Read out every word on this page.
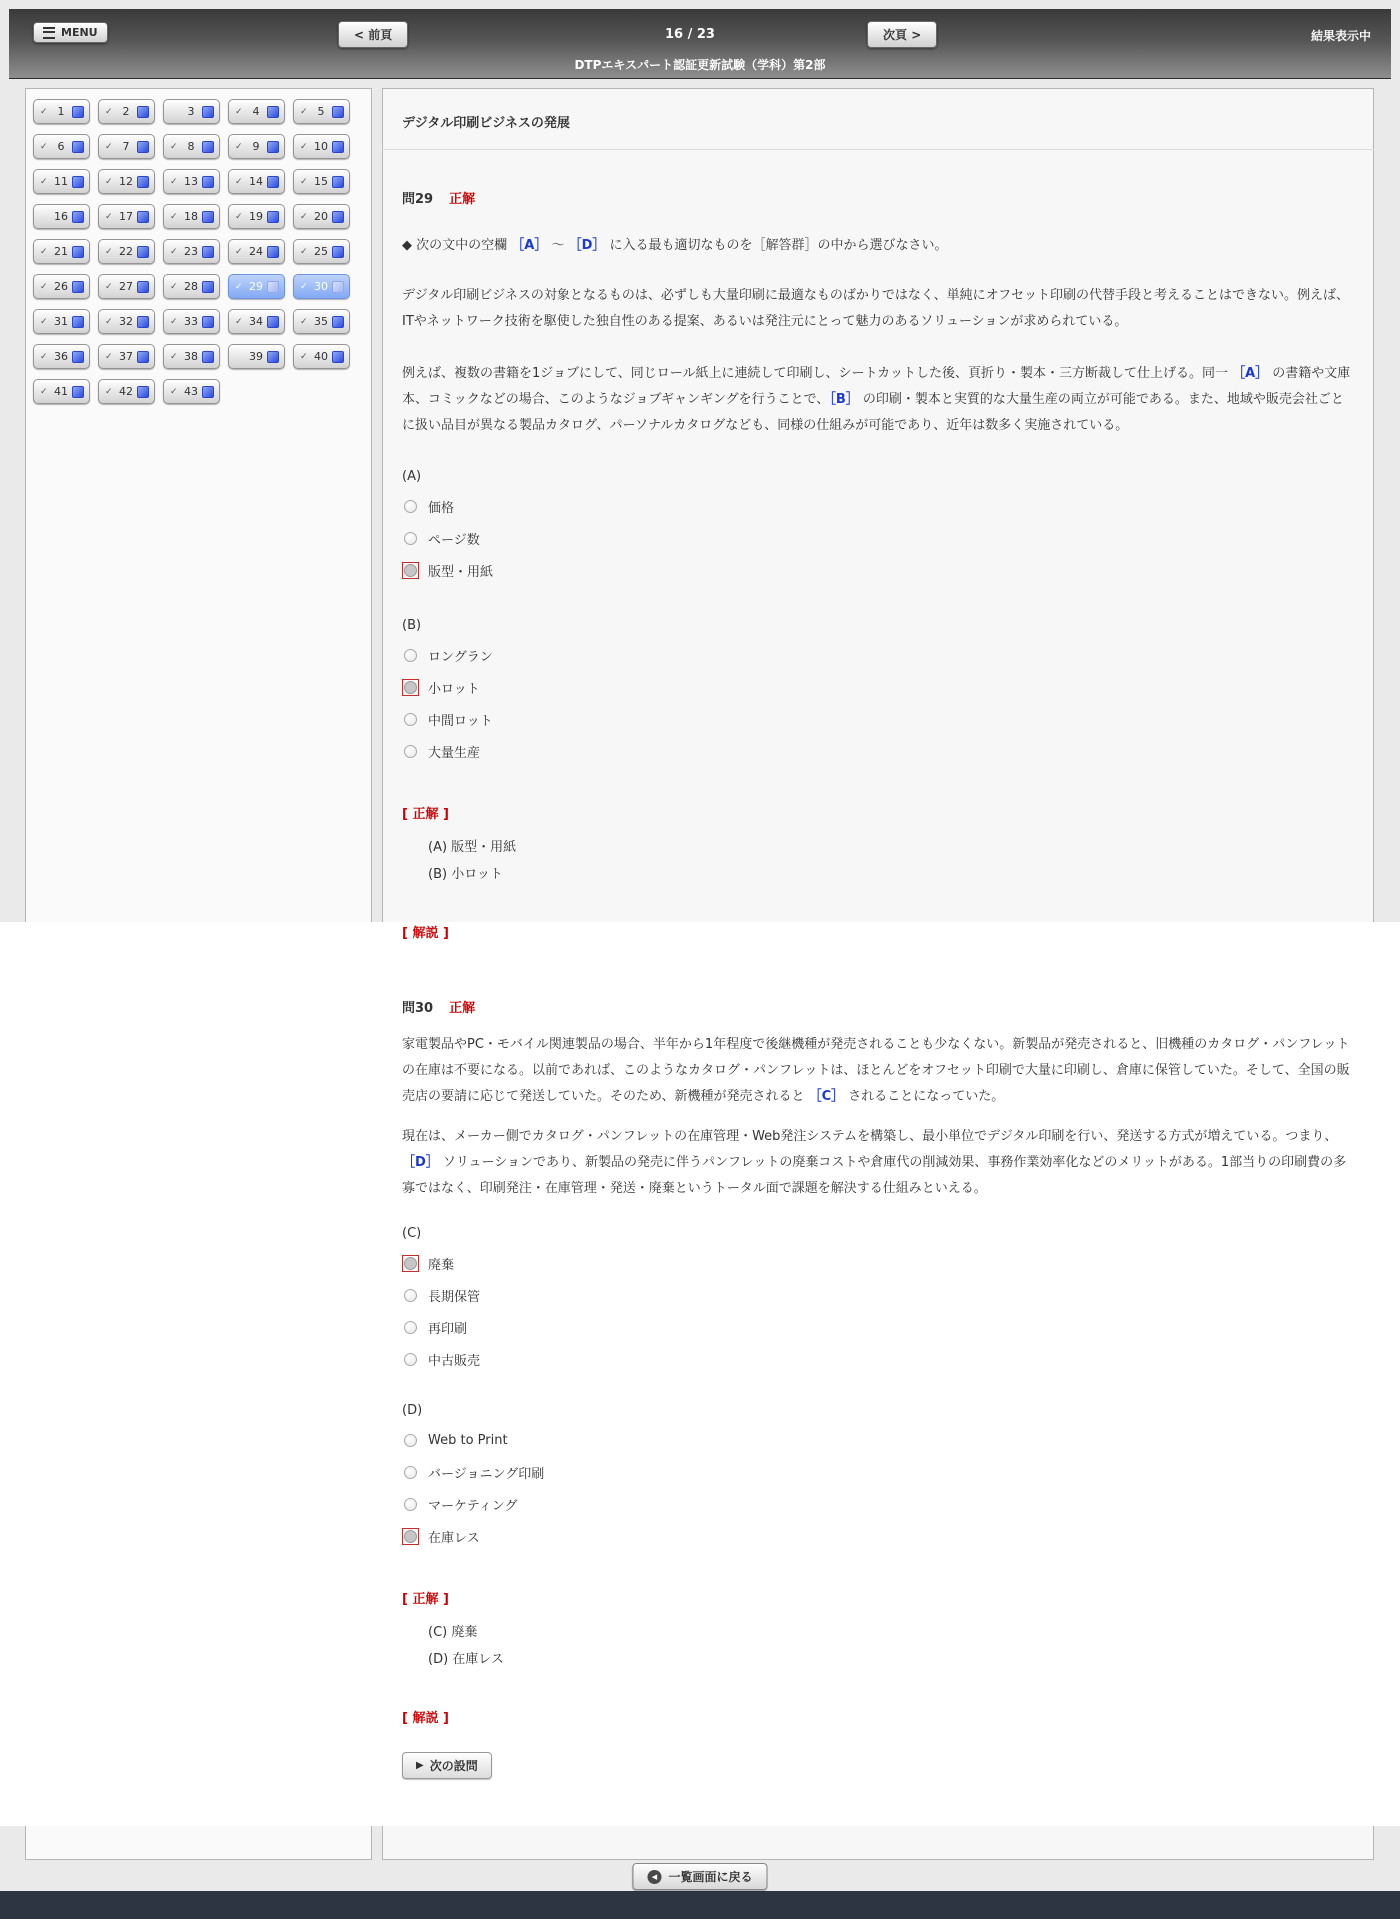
MENU	< 前頁	16 / 23	次頁 >	結果表示中
DTPエキスパート認証更新試験（学科）第2部
✓ 1	✓ 2	3	✓ 4	✓ 5
✓ 6	✓ 7	✓ 8	✓ 9	✓ 10
✓ 11	✓ 12	✓ 13	✓ 14	✓ 15
16	✓ 17	✓ 18	✓ 19	✓ 20
✓ 21	✓ 22	✓ 23	✓ 24	✓ 25
✓ 26	✓ 27	✓ 28	✓ 29	✓ 30
✓ 31	✓ 32	✓ 33	✓ 34	✓ 35
✓ 36	✓ 37	✓ 38	39	✓ 40
✓ 41	✓ 42	✓ 43
デジタル印刷ビジネスの発展
問29 正解
◆ 次の文中の空欄 ［A］ ～ ［D］ に入る最も適切なものを［解答群］の中から選びなさい。
デジタル印刷ビジネスの対象となるものは、必ずしも大量印刷に最適なものばかりではなく、単純にオフセット印刷の代替手段と考えることはできない。例えば、ITやネットワーク技術を駆使した独自性のある提案、あるいは発注元にとって魅力のあるソリューションが求められている。
例えば、複数の書籍を1ジョブにして、同じロール紙上に連続して印刷し、シートカットした後、頁折り・製本・三方断裁して仕上げる。同一 ［A］ の書籍や文庫本、コミックなどの場合、このようなジョブギャンギングを行うことで、［B］ の印刷・製本と実質的な大量生産の両立が可能である。また、地域や販売会社ごとに扱い品目が異なる製品カタログ、パーソナルカタログなども、同様の仕組みが可能であり、近年は数多く実施されている。
(A)
価格
ページ数
版型・用紙
(B)
ロングラン
小ロット
中間ロット
大量生産
[ 正解 ]
(A) 版型・用紙
(B) 小ロット
[ 解説 ]
問30 正解
家電製品やPC・モバイル関連製品の場合、半年から1年程度で後継機種が発売されることも少なくない。新製品が発売されると、旧機種のカタログ・パンフレットの在庫は不要になる。以前であれば、このようなカタログ・パンフレットは、ほとんどをオフセット印刷で大量に印刷し、倉庫に保管していた。そして、全国の販売店の要請に応じて発送していた。そのため、新機種が発売されると ［C］ されることになっていた。
現在は、メーカー側でカタログ・パンフレットの在庫管理・Web発注システムを構築し、最小単位でデジタル印刷を行い、発送する方式が増えている。つまり、［D］ ソリューションであり、新製品の発売に伴うパンフレットの廃棄コストや倉庫代の削減効果、事務作業効率化などのメリットがある。1部当りの印刷費の多寡ではなく、印刷発注・在庫管理・発送・廃棄というトータル面で課題を解決する仕組みといえる。
(C)
廃棄
長期保管
再印刷
中古販売
(D)
Web to Print
バージョニング印刷
マーケティング
在庫レス
[ 正解 ]
(C) 廃棄
(D) 在庫レス
[ 解説 ]
▶ 次の設問
◀ 一覧画面に戻る
